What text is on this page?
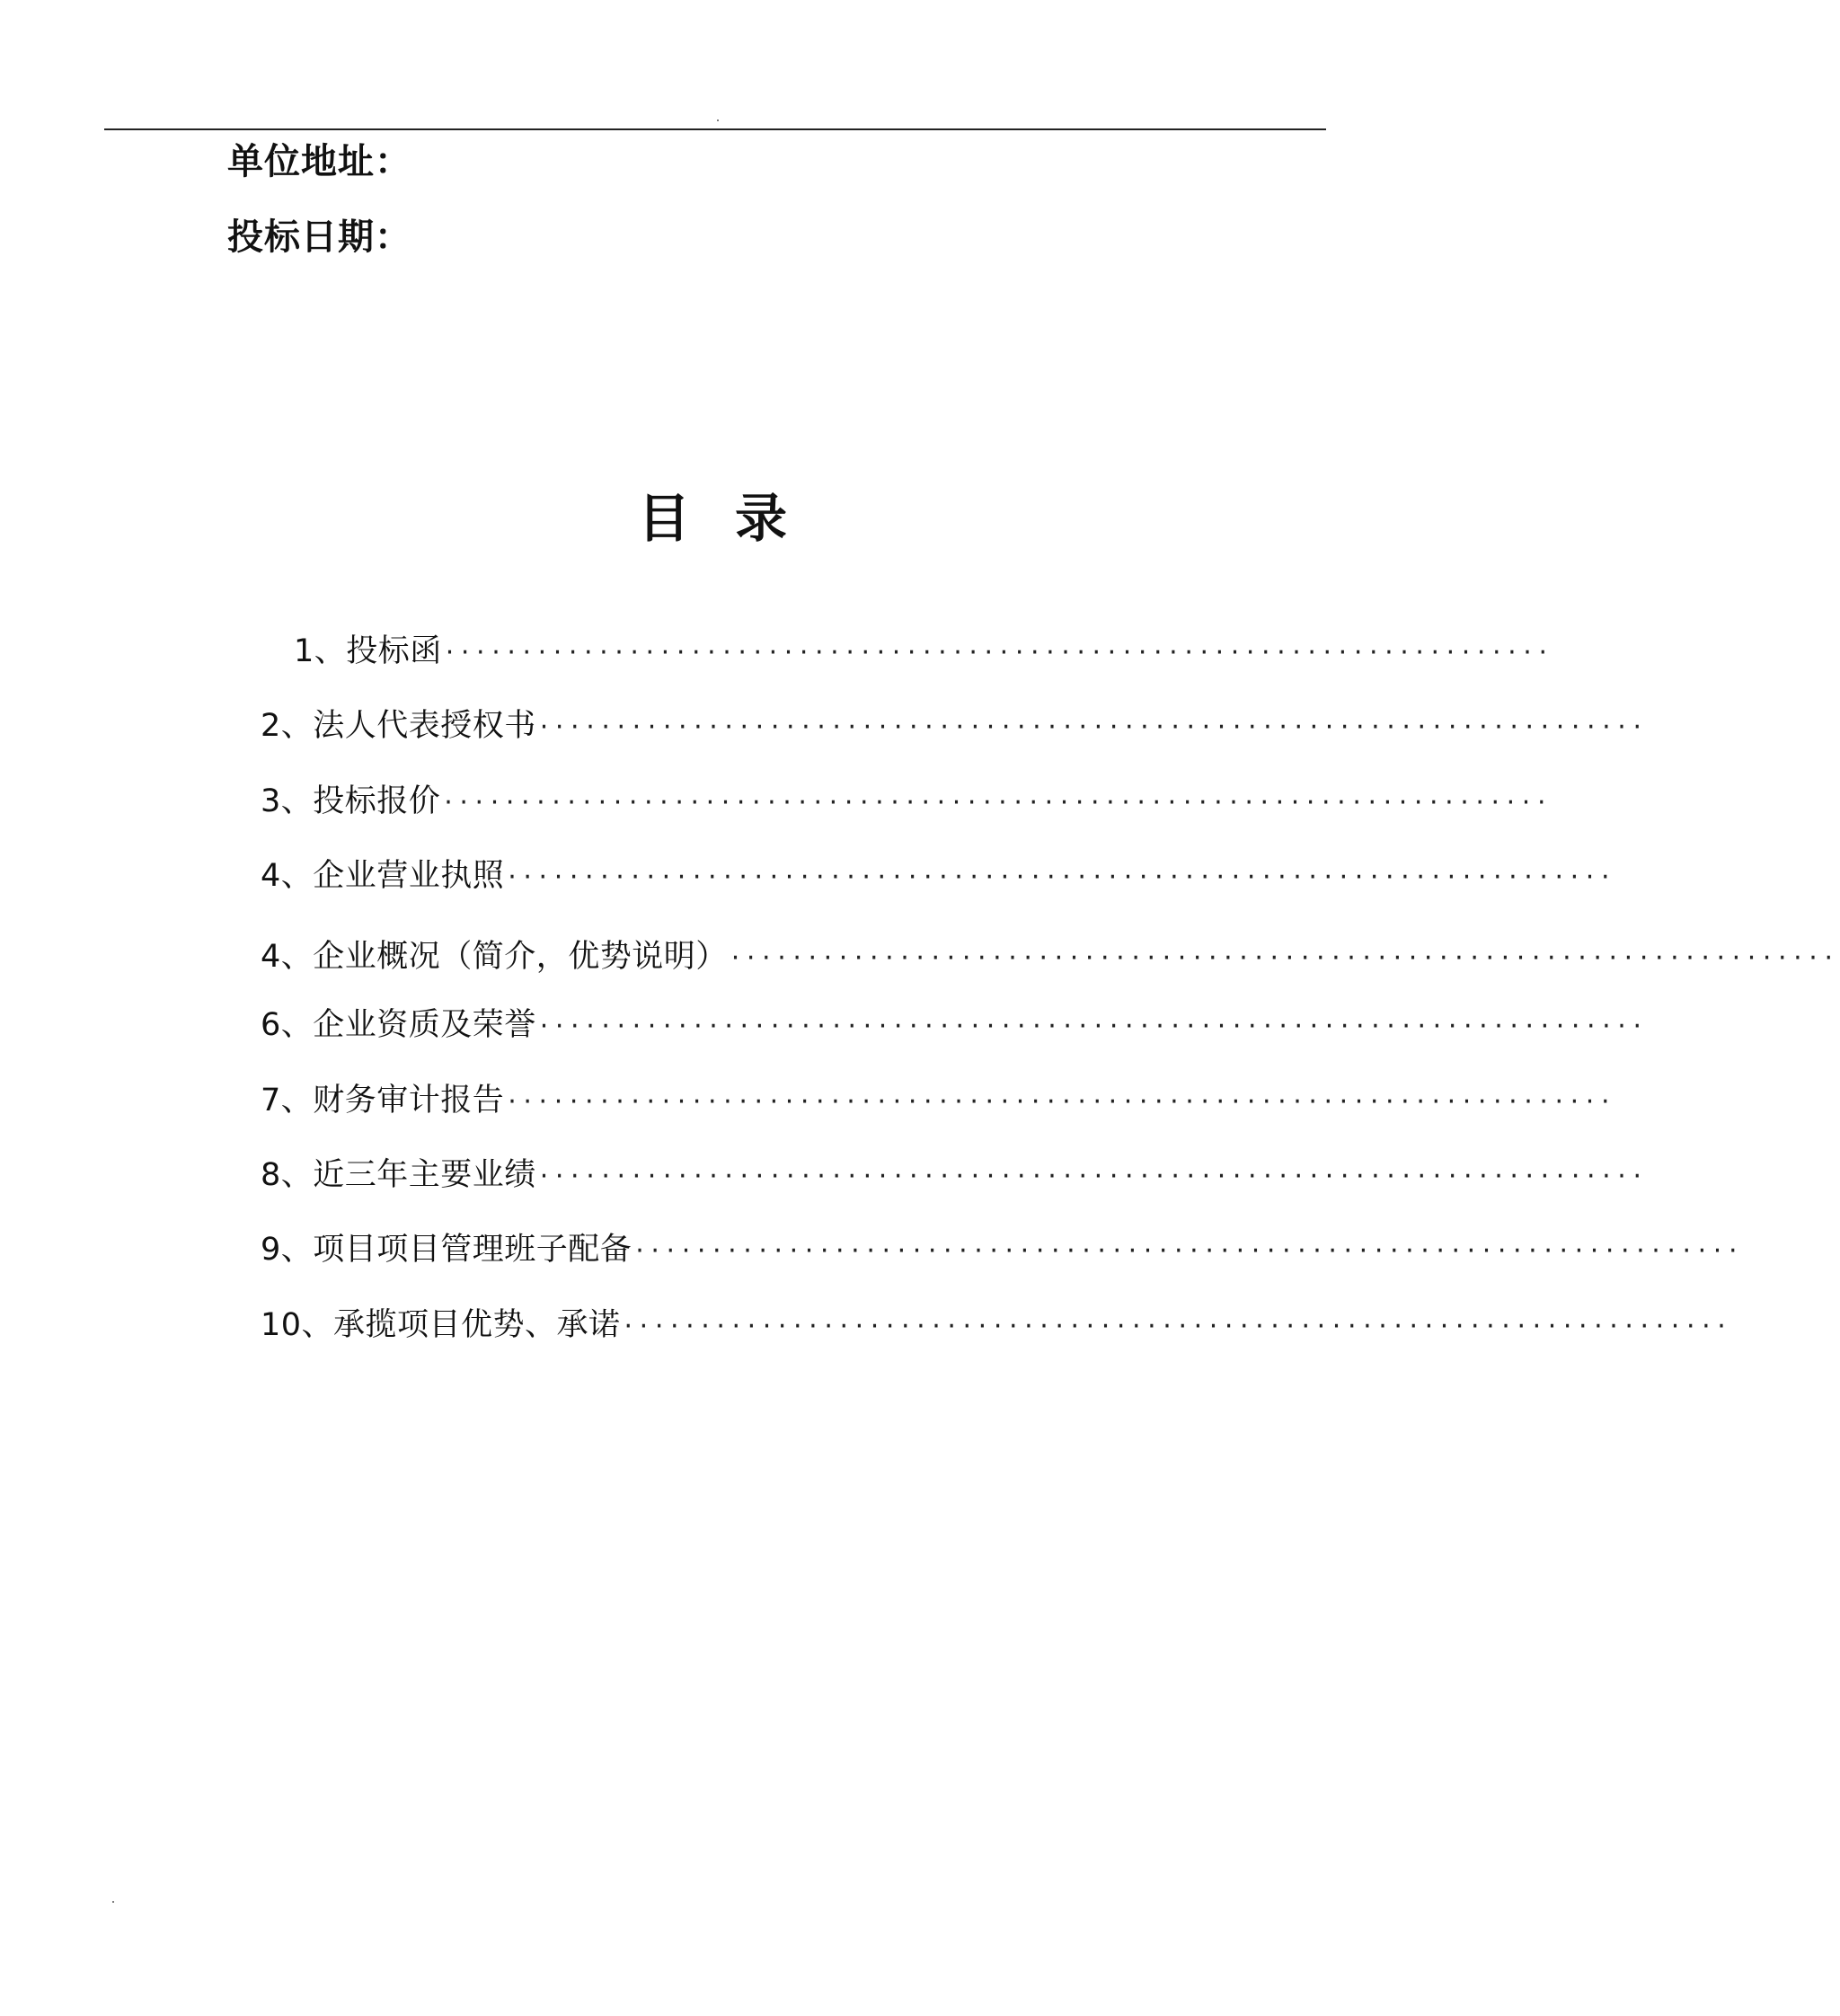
单位地址：
投标日期：
目录
1、投标函 ········································································
2、法人代表授权书 ········································································
3、投标报价 ········································································
4、企业营业执照 ········································································
4、企业概况（简介，优势说明） ········································································
6、企业资质及荣誉 ········································································
7、财务审计报告 ········································································
8、近三年主要业绩 ········································································
9、项目项目管理班子配备 ········································································
10、承揽项目优势、承诺 ········································································
